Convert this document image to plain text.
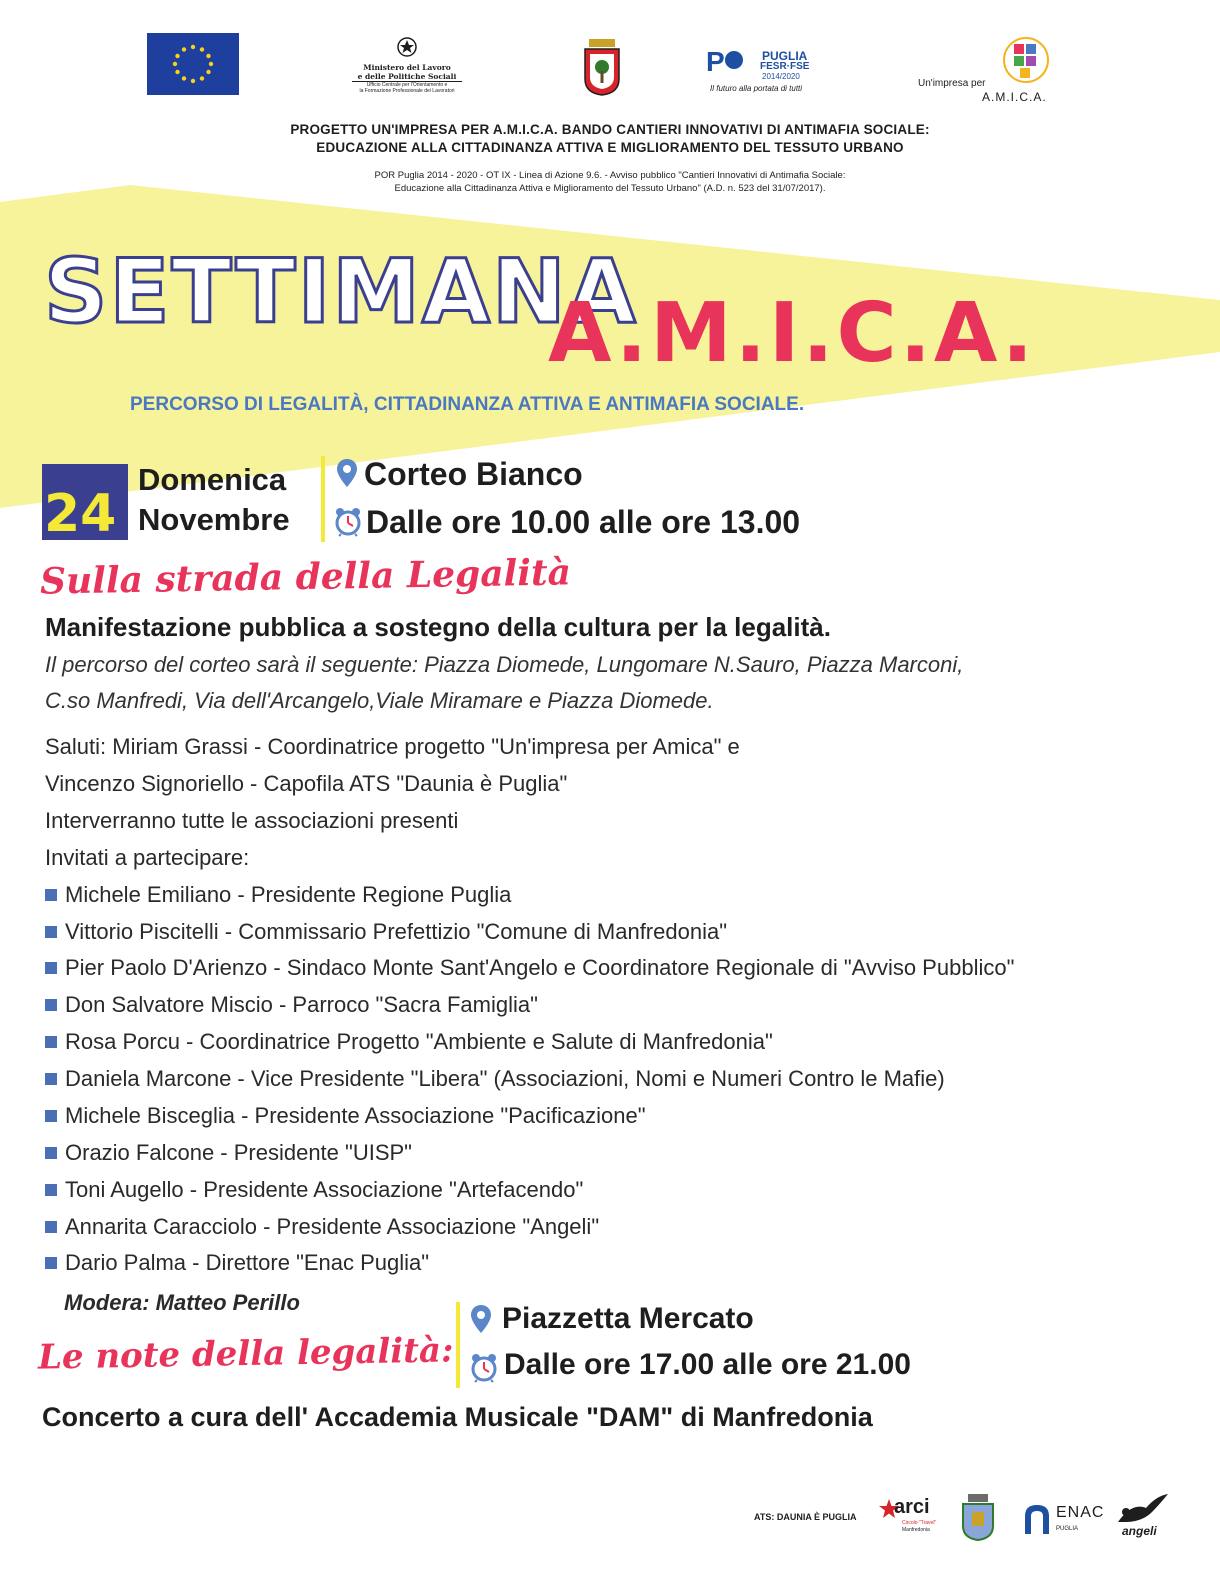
Ministero del Lavoro
e delle Politiche Sociali
Ufficio Centrale per l'Orientamento e
la Formazione Professionale dei Lavoratori
P	PUGLIA
FESR·FSE
2014/2020
Il futuro alla portata di tutti	Un'impresa per
A.M.I.C.A.
PROGETTO UN'IMPRESA PER A.M.I.C.A. BANDO CANTIERI INNOVATIVI DI ANTIMAFIA SOCIALE:
EDUCAZIONE ALLA CITTADINANZA ATTIVA E MIGLIORAMENTO DEL TESSUTO URBANO
POR Puglia 2014 - 2020 - OT IX - Linea di Azione 9.6. - Avviso pubblico "Cantieri Innovativi di Antimafia Sociale:
Educazione alla Cittadinanza Attiva e Miglioramento del Tessuto Urbano" (A.D. n. 523 del 31/07/2017).
SETTIMANA
A.M.I.C.A.
PERCORSO DI LEGALITÀ, CITTADINANZA ATTIVA E ANTIMAFIA SOCIALE.
24
Domenica
Novembre
Corteo Bianco
Dalle ore 10.00 alle ore 13.00
Sulla strada della Legalità
Manifestazione pubblica a sostegno della cultura per la legalità.
Il percorso del corteo sarà il seguente: Piazza Diomede, Lungomare N.Sauro, Piazza Marconi,
C.so Manfredi, Via dell'Arcangelo,Viale Miramare e Piazza Diomede.
Saluti: Miriam Grassi - Coordinatrice progetto "Un'impresa per Amica" e
Vincenzo Signoriello - Capofila ATS "Daunia è Puglia"
Interverranno tutte le associazioni presenti
Invitati a partecipare:
Michele Emiliano - Presidente Regione Puglia
Vittorio Piscitelli - Commissario Prefettizio "Comune di Manfredonia"
Pier Paolo D'Arienzo - Sindaco Monte Sant'Angelo e Coordinatore Regionale di "Avviso Pubblico"
Don Salvatore Miscio - Parroco "Sacra Famiglia"
Rosa Porcu - Coordinatrice Progetto "Ambiente e Salute di Manfredonia"
Daniela Marcone - Vice Presidente "Libera" (Associazioni, Nomi e Numeri Contro le Mafie)
Michele Bisceglia - Presidente Associazione "Pacificazione"
Orazio Falcone - Presidente "UISP"
Toni Augello - Presidente Associazione "Artefacendo"
Annarita Caracciolo - Presidente Associazione "Angeli"
Dario Palma - Direttore "Enac Puglia"
Modera: Matteo Perillo
Le note della legalità:
Piazzetta Mercato
Dalle ore 17.00 alle ore 21.00
Concerto a cura dell' Accademia Musicale "DAM" di Manfredonia
ATS: DAUNIA È PUGLIA arci
Circolo "Travel"
Manfredonia
ENAC
PUGLIA	angeli
